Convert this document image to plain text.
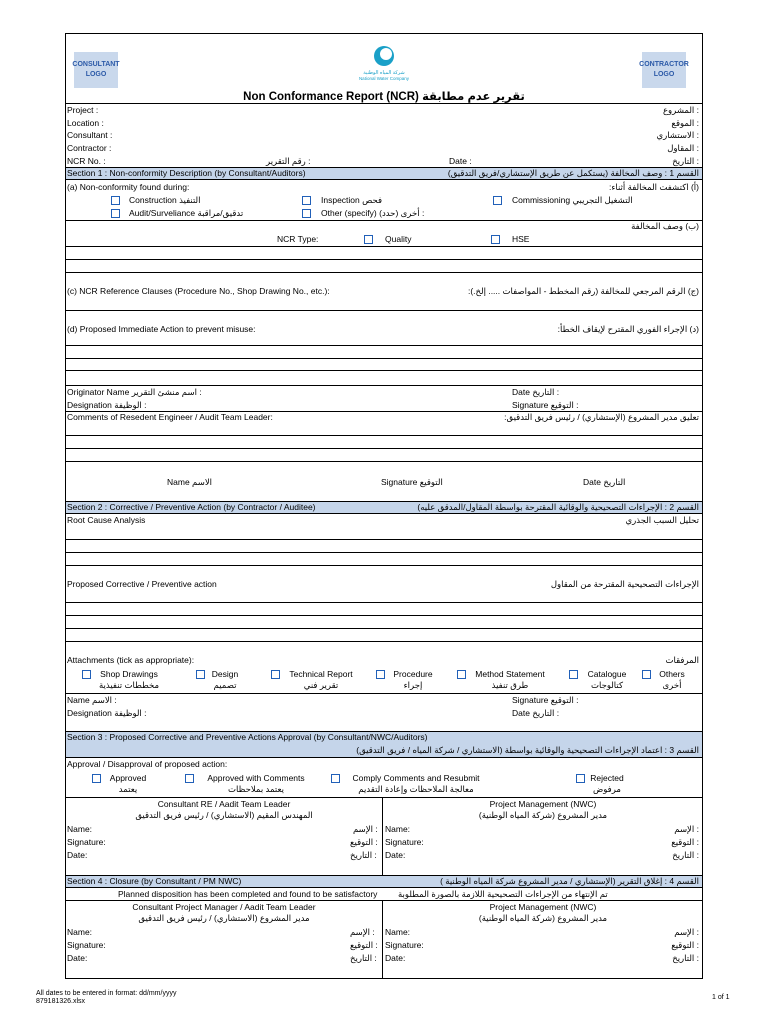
CONSULTANT
LOGO
CONTRACTOR
LOGO
شركة المياه الوطنية
National Water Company
Non Conformance Report (NCR) تقرير عدم مطابقة
Project :	: المشروع
Location :	: الموقع
Consultant :	: الاستشاري
Contractor :	: المقاول
NCR No. :	: رقم التقرير	Date :	: التاريخ
Section 1 : Non-conformity Description (by Consultant/Auditors)	القسم 1 : وصف المخالفة (يستكمل عن طريق الإستشاري/فريق التدقيق)
(a) Non-conformity found during:	(أ) اكتشفت المخالفة أثناء:
Construction التنفيذ	Inspection فحص	Commissioning التشغيل التجريبي
Audit/Surveliance تدقيق/مراقبة	Other (specify) أخرى (حدد) :
(ب) وصف المخالفة
NCR Type:	Quality	HSE
(c) NCR Reference Clauses (Procedure No., Shop Drawing No., etc.):	(ج) الرقم المرجعي للمخالفة (رقم المخطط - المواصفات ..... إلخ.):
(d) Proposed Immediate Action to prevent misuse:	(د) الإجراء الفوري المقترح لإيقاف الخطأ:
Originator Name اسم منشئ التقرير :	Date التاريخ :
Designation الوظيفة :	Signature التوقيع :
Comments of Resedent Engineer / Audit Team Leader:	تعليق مدير المشروع (الإستشاري) / رئيس فريق التدقيق:
Name الاسم	Signature التوقيع	Date التاريخ
Section 2 : Corrective / Preventive Action (by Contractor / Auditee)	القسم 2 : الإجراءات التصحيحية والوقائية المقترحة بواسطة المقاول/المدقق عليه)
Root Cause Analysis	تحليل السبب الجذري
Proposed Corrective / Preventive action	الإجراءات التصحيحية المقترحة من المقاول
Attachments (tick as appropriate):	المرفقات
Shop Drawings
مخططات تنفيذية
Design
تصميم
Technical Report
تقرير فني
Procedure
إجراء
Method Statement
طرق تنفيذ
Catalogue
كتالوجات
Others
أخرى
Name الاسم :	Signature التوقيع :
Designation الوظيفة :	Date التاريخ :
Section 3 : Proposed Corrective and Preventive Actions Approval (by Consultant/NWC/Auditors)
القسم 3 : اعتماد الإجراءات التصحيحية والوقائية بواسطة (الاستشاري / شركة المياه / فريق التدقيق)
Approval / Disapproval of proposed action:
Approved
يعتمد
Approved with Comments
يعتمد بملاحظات
Comply Comments and Resubmit
معالجة الملاحظات وإعادة التقديم
Rejected
مرفوض
Consultant RE / Aadit Team Leader
المهندس المقيم (الاستشاري) / رئيس فريق التدقيق
Project Management (NWC)
مدير المشروع (شركة المياه الوطنية)
Name:	: الإسم Name:	: الإسم
Signature:	: التوقيع Signature:	: التوقيع
Date:	: التاريخ Date:	: التاريخ
Section 4 : Closure (by Consultant / PM NWC)	القسم 4 : إغلاق التقرير (الإستشاري / مدير المشروع شركة المياه الوطنية )
Planned disposition has been completed and found to be satisfactory تم الإنتهاء من الإجراءات التصحيحية اللازمة بالصورة المطلوبة
Consultant Project Manager / Aadit Team Leader
مدير المشروع (الاستشاري) / رئيس فريق التدقيق
Project Management (NWC)
مدير المشروع (شركة المياه الوطنية)
Name:	: الإسم Name:	: الإسم
Signature:	: التوقيع Signature:	: التوقيع
Date:	: التاريخ Date:	: التاريخ
All dates to be entered in format: dd/mm/yyyy
879181326.xlsx
1 of 1
